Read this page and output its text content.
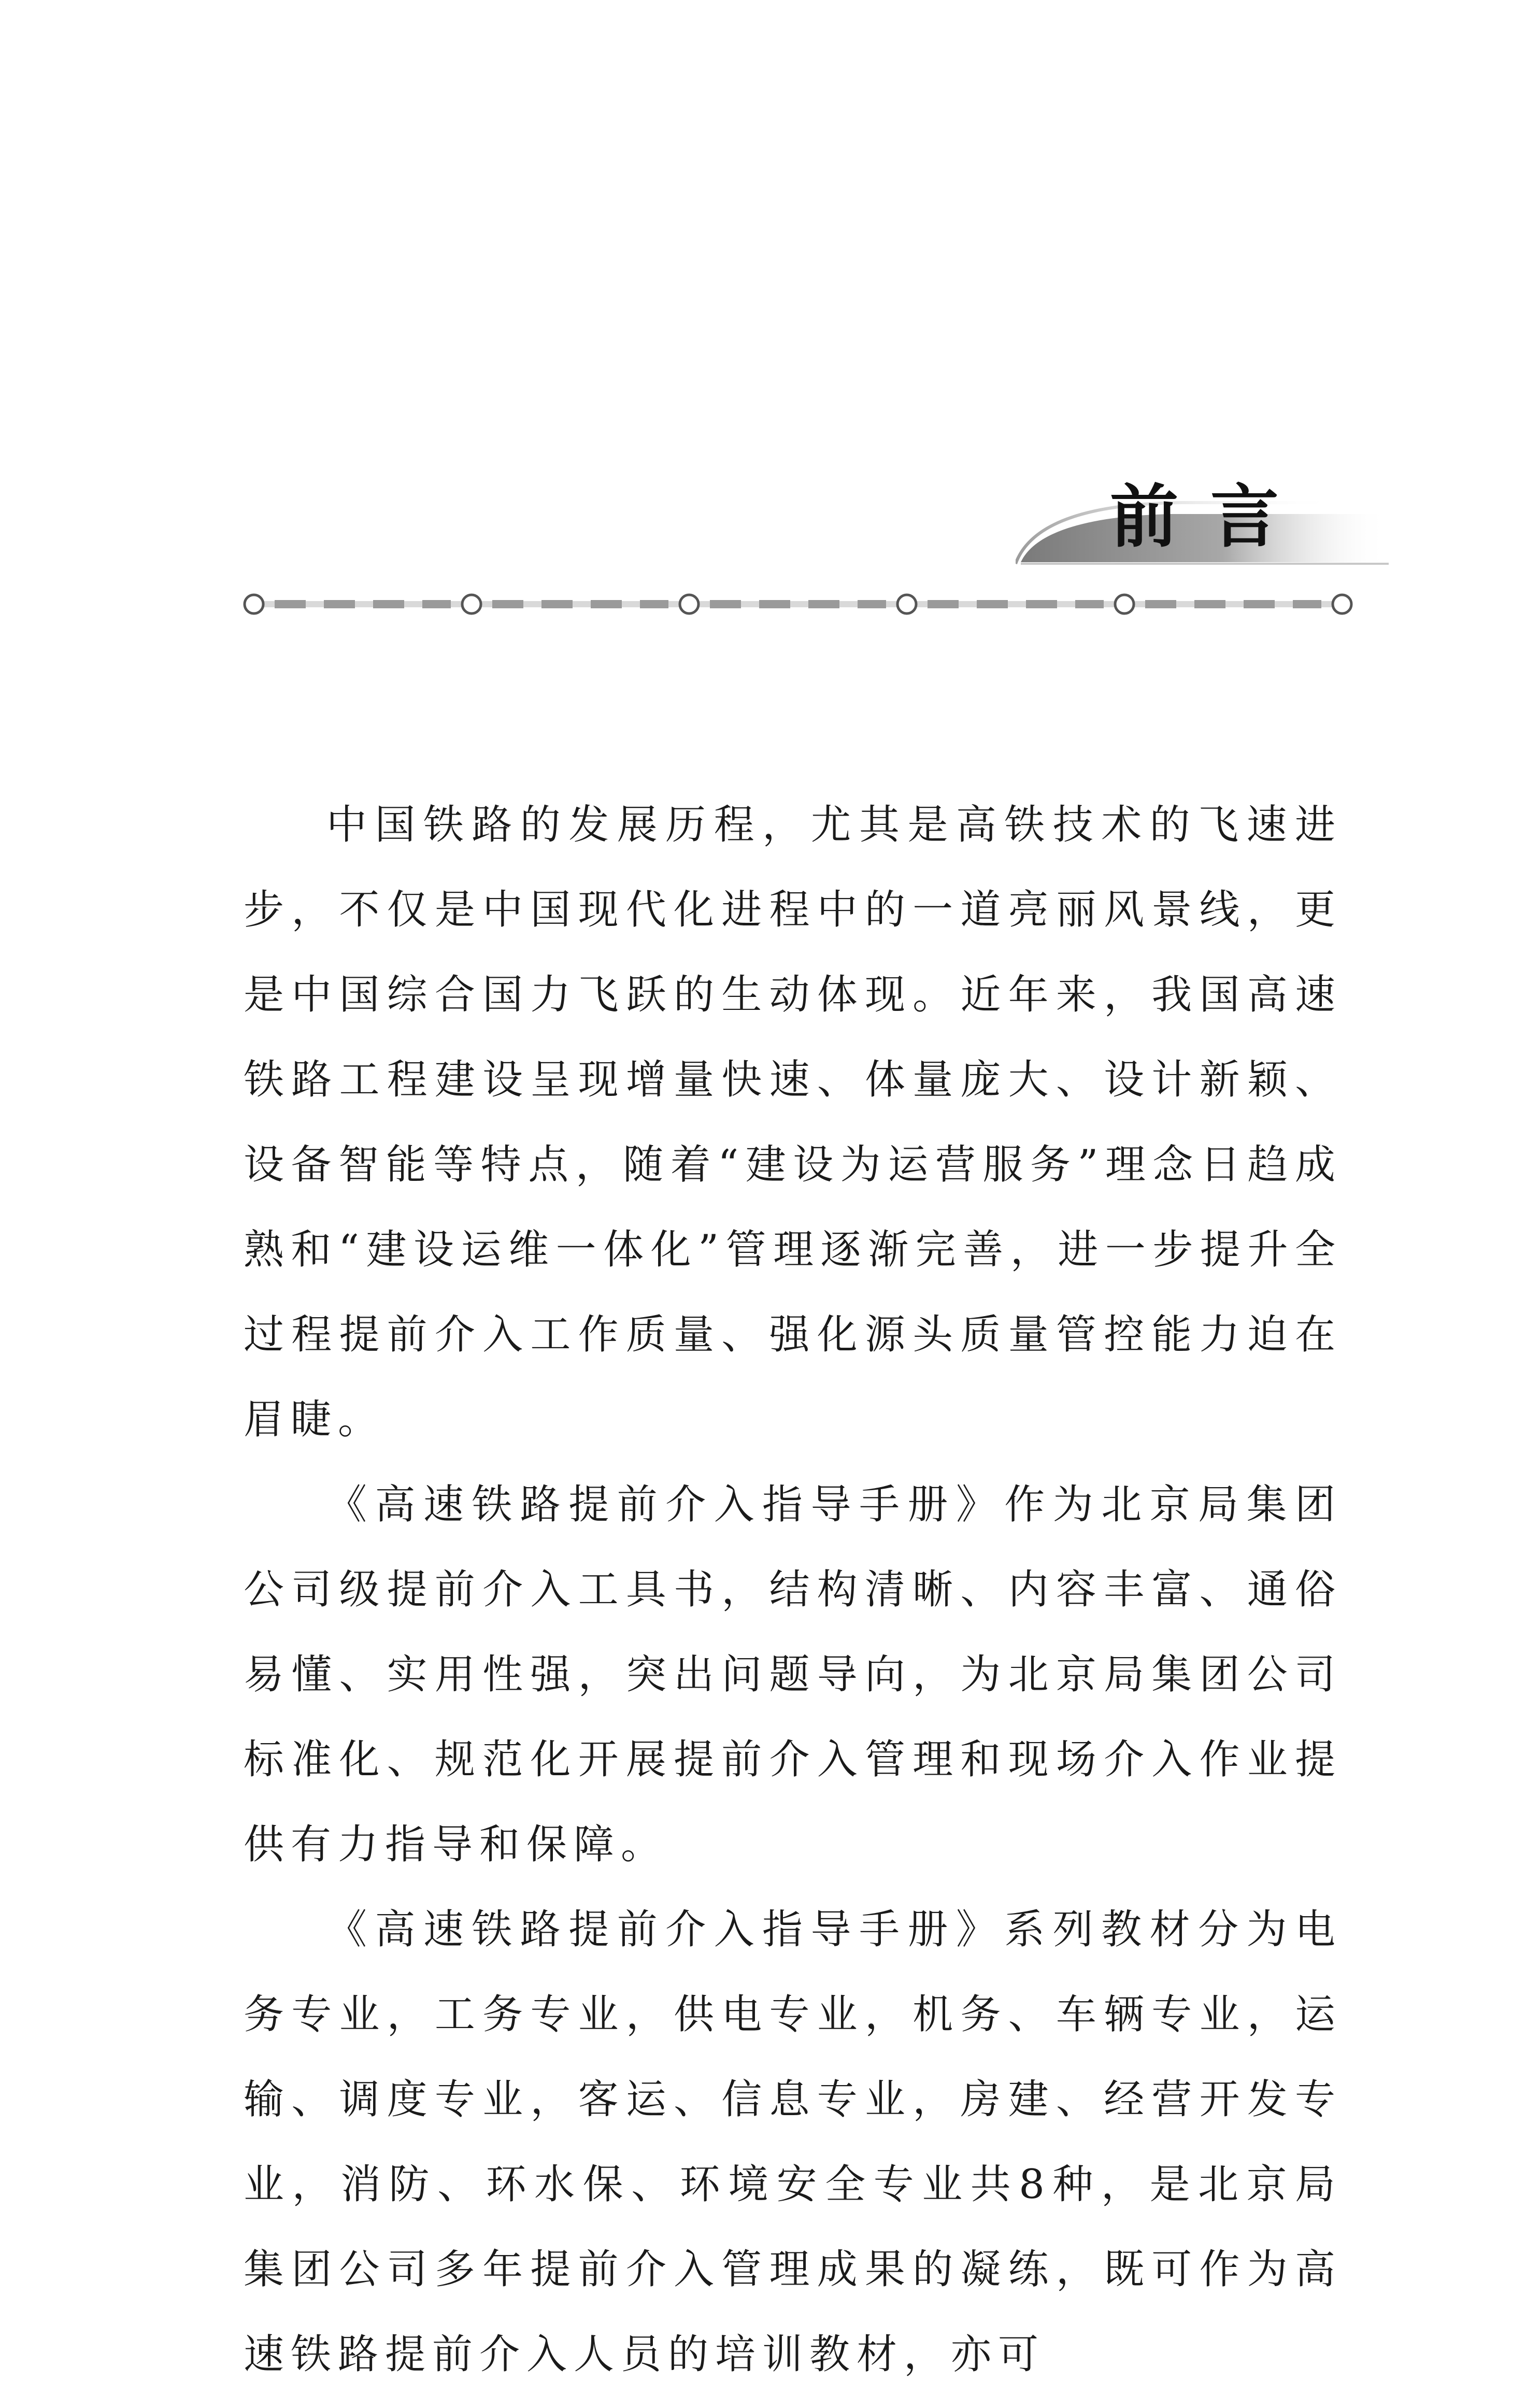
前言

中国铁路的发展历程，尤其是高铁技术的飞速进步，不仅是中国现代化进程中的一道亮丽风景线，更是中国综合国力飞跃的生动体现。近年来，我国高速铁路工程建设呈现增量快速、体量庞大、设计新颖、设备智能等特点，随着“建设为运营服务”理念日趋成熟和“建设运维一体化”管理逐渐完善，进一步提升全过程提前介入工作质量、强化源头质量管控能力迫在眉睫。

《高速铁路提前介入指导手册》作为北京局集团公司级提前介入工具书，结构清晰、内容丰富、通俗易懂、实用性强，突出问题导向，为北京局集团公司标准化、规范化开展提前介入管理和现场介入作业提供有力指导和保障。

《高速铁路提前介入指导手册》系列教材分为电务专业，工务专业，供电专业，机务、车辆专业，运输、调度专业，客运、信息专业，房建、经营开发专业，消防、环水保、环境安全专业共8种，是北京局集团公司多年提前介入管理成果的凝练，既可作为高速铁路提前介入人员的培训教材，亦可
